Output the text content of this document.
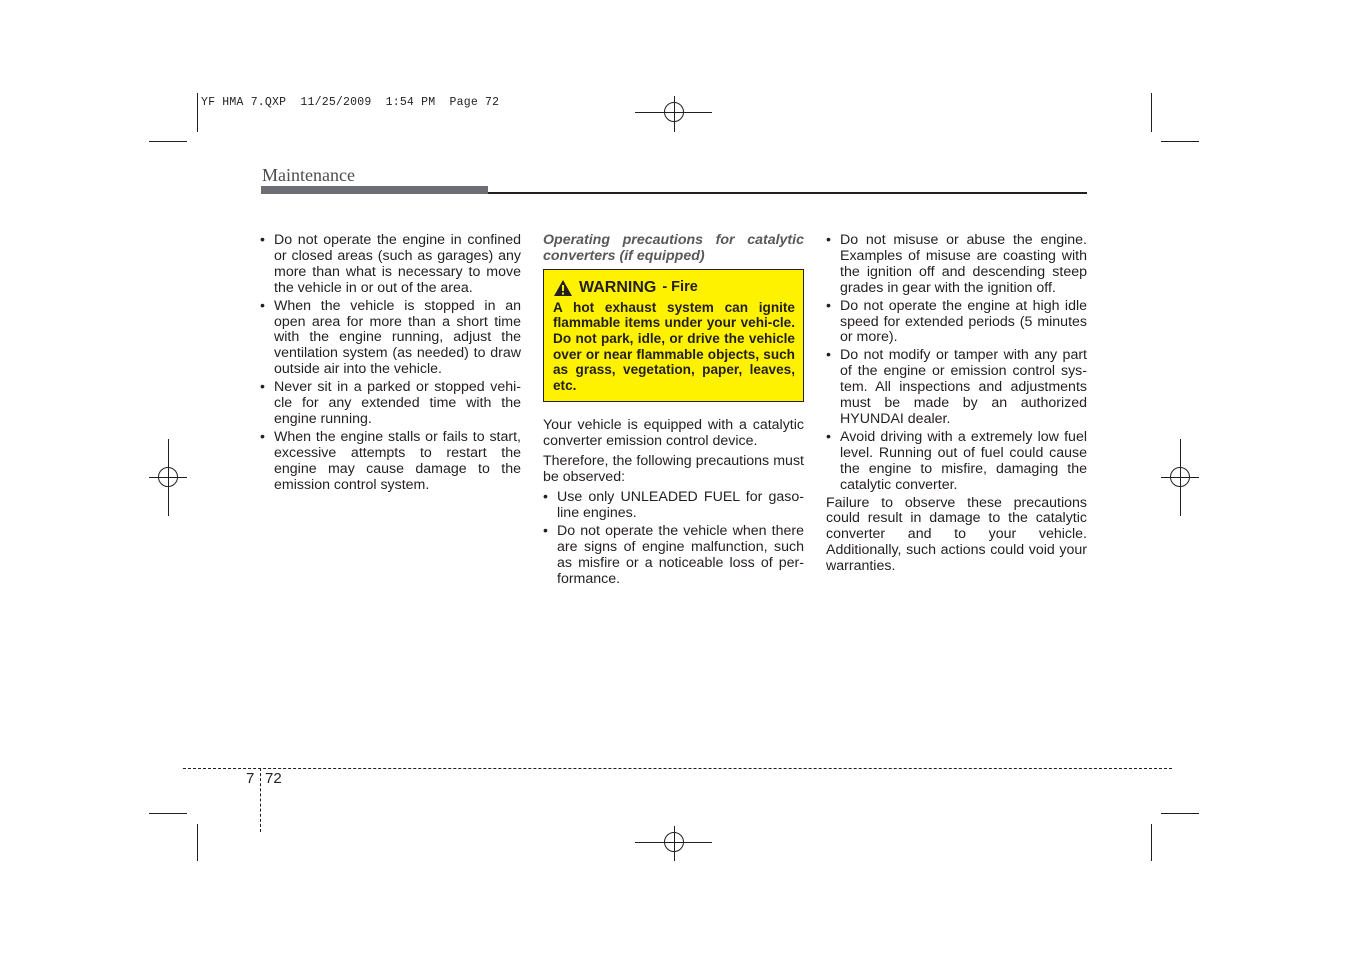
YF HMA 7.QXP  11/25/2009  1:54 PM  Page 72
Maintenance
• Do not operate the engine in confined or closed areas (such as garages) any more than what is necessary to move the vehicle in or out of the area.
• When the vehicle is stopped in an open area for more than a short time with the engine running, adjust the ventilation system (as needed) to draw outside air into the vehicle.
• Never sit in a parked or stopped vehi-cle for any extended time with the engine running.
• When the engine stalls or fails to start, excessive attempts to restart the engine may cause damage to the emission control system.

Operating precautions for catalytic converters (if equipped)

WARNING - Fire
A hot exhaust system can ignite flammable items under your vehi-cle. Do not park, idle, or drive the vehicle over or near flammable objects, such as grass, vegetation, paper, leaves, etc.

Your vehicle is equipped with a catalytic converter emission control device.

Therefore, the following precautions must be observed:

• Use only UNLEADED FUEL for gaso-line engines.
• Do not operate the vehicle when there are signs of engine malfunction, such as misfire or a noticeable loss of per-formance.
• Do not misuse or abuse the engine. Examples of misuse are coasting with the ignition off and descending steep grades in gear with the ignition off.
• Do not operate the engine at high idle speed for extended periods (5 minutes or more).
• Do not modify or tamper with any part of the engine or emission control sys-tem. All inspections and adjustments must be made by an authorized HYUNDAI dealer.
• Avoid driving with a extremely low fuel level. Running out of fuel could cause the engine to misfire, damaging the catalytic converter.

Failure to observe these precautions could result in damage to the catalytic converter and to your vehicle. Additionally, such actions could void your warranties.

7 72
